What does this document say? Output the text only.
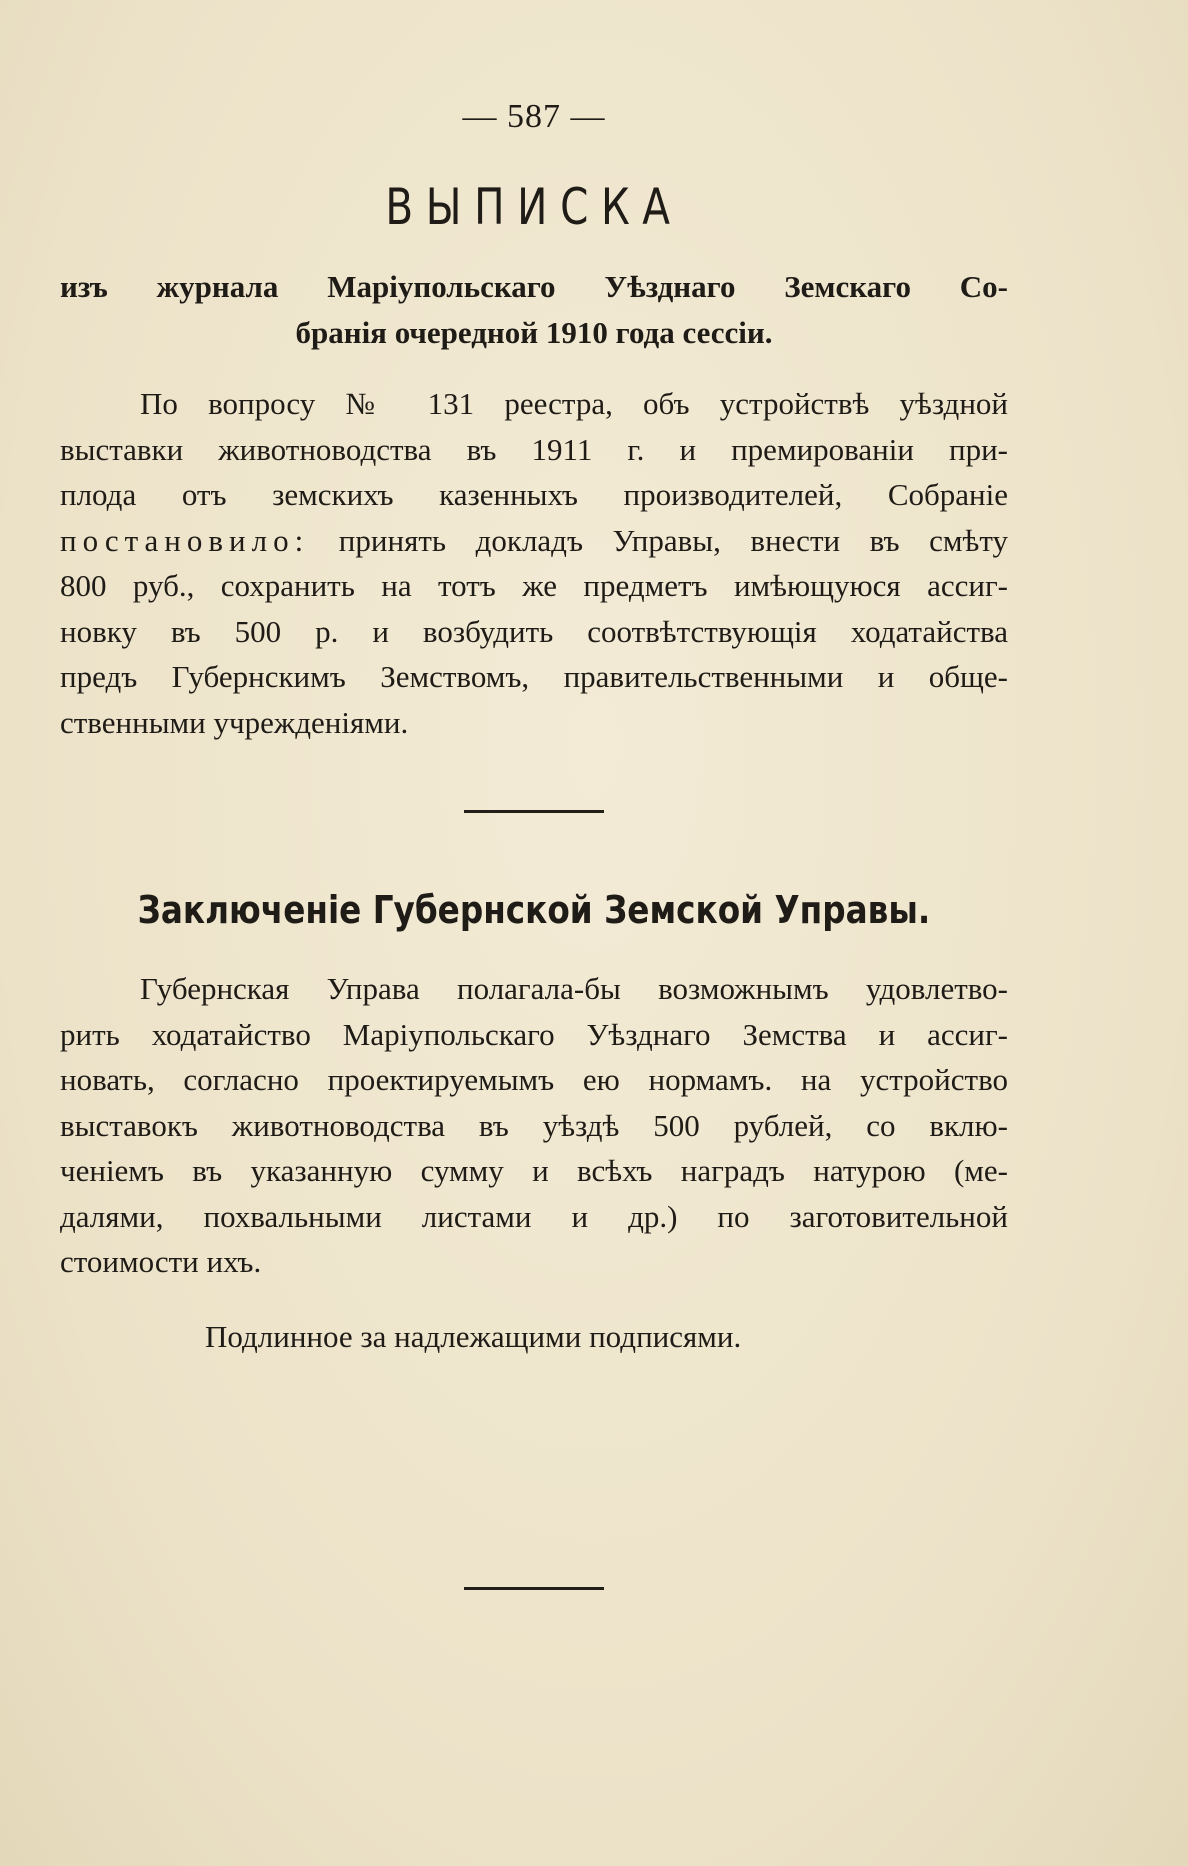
— 587 —
ВЫПИСКА
изъ журнала Маріупольскаго Уѣзднаго Земскаго Со-
бранія очередной 1910 года сессіи.
По вопросу № 131 реестра, объ устройствѣ уѣздной
выставки животноводства въ 1911 г. и премированіи при-
плода отъ земскихъ казенныхъ производителей, Собраніе
постановило: принять докладъ Управы, внести въ смѣту
800 руб., сохранить на тотъ же предметъ имѣющуюся ассиг-
новку въ 500 р. и возбудить соотвѣтствующія ходатайства
предъ Губернскимъ Земствомъ, правительственными и обще-
ственными учрежденіями.
Заключеніе Губернской Земской Управы.
Губернская Управа полагала-бы возможнымъ удовлетво-
рить ходатайство Маріупольскаго Уѣзднаго Земства и ассиг-
новать, согласно проектируемымъ ею нормамъ. на устройство
выставокъ животноводства въ уѣздѣ 500 рублей, со вклю-
ченіемъ въ указанную сумму и всѣхъ наградъ натурою (ме-
далями, похвальными листами и др.) по заготовительной
стоимости ихъ.
Подлинное за надлежащими подписями.
